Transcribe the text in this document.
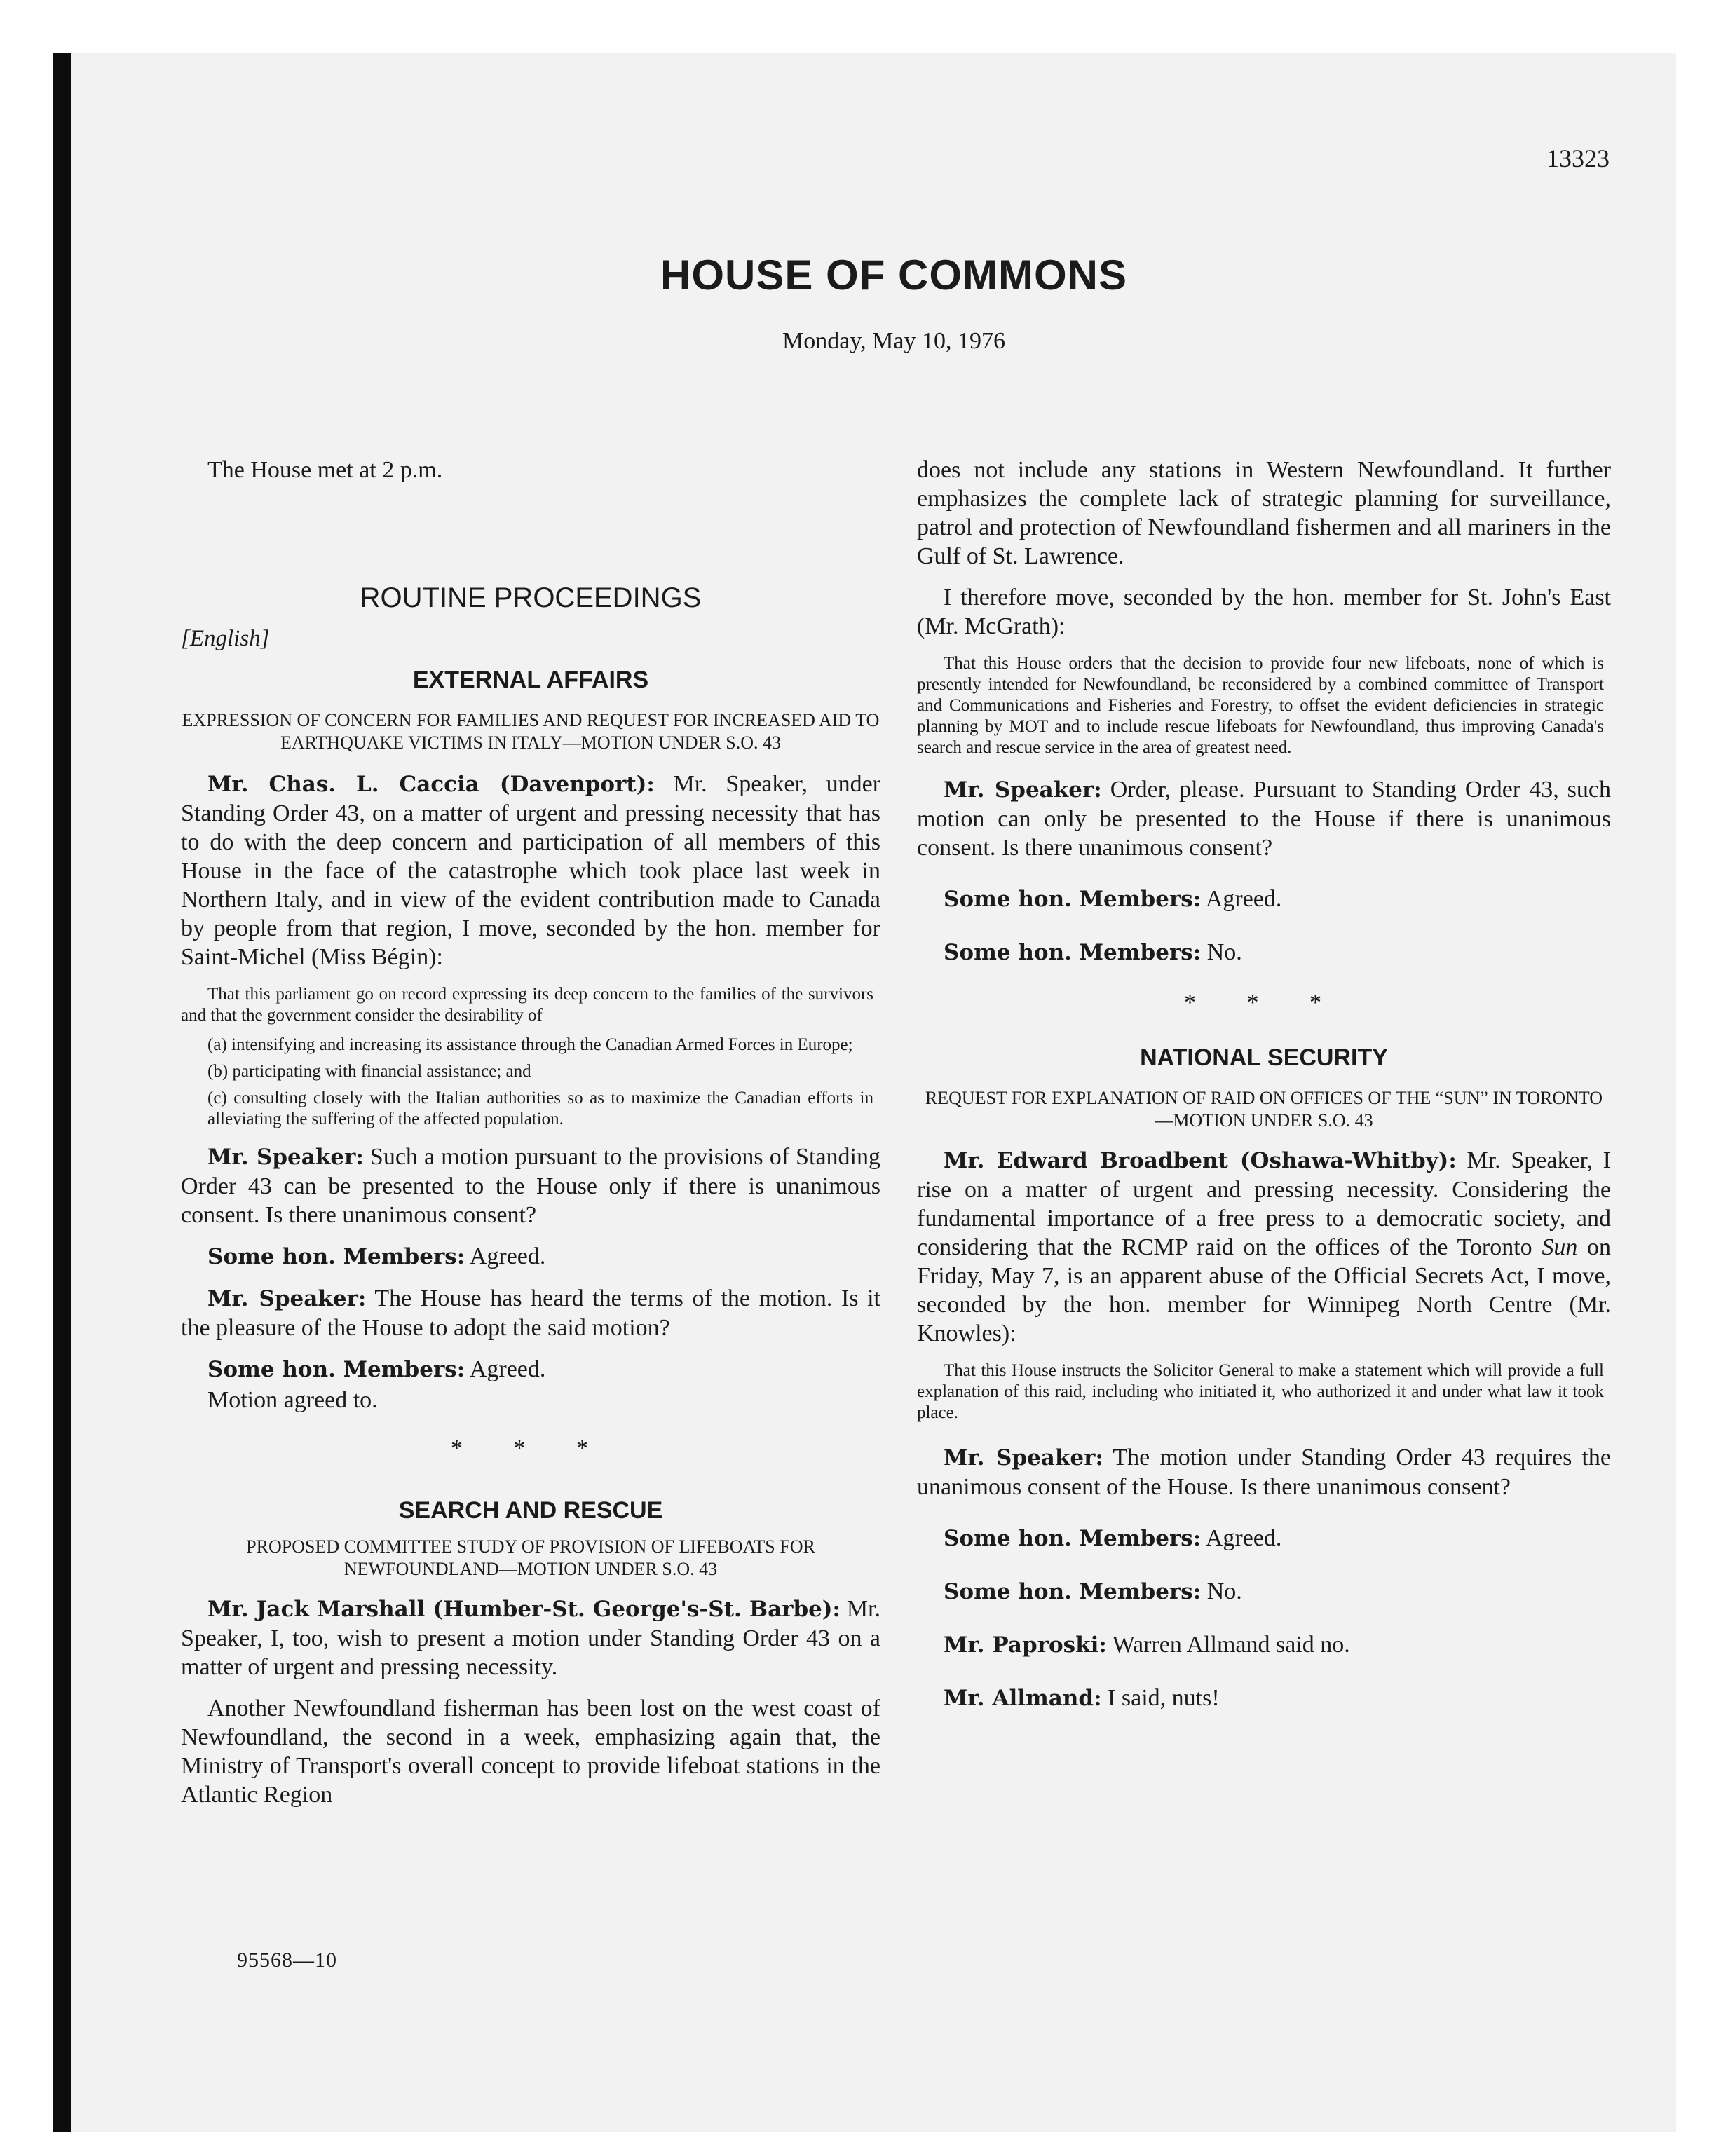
13323
HOUSE OF COMMONS
Monday, May 10, 1976

The House met at 2 p.m.

ROUTINE PROCEEDINGS

[English]

EXTERNAL AFFAIRS

EXPRESSION OF CONCERN FOR FAMILIES AND REQUEST FOR INCREASED AID TO EARTHQUAKE VICTIMS IN ITALY—MOTION UNDER S.O. 43

Mr. Chas. L. Caccia (Davenport): Mr. Speaker, under Standing Order 43, on a matter of urgent and pressing necessity that has to do with the deep concern and participation of all members of this House in the face of the catastrophe which took place last week in Northern Italy, and in view of the evident contribution made to Canada by people from that region, I move, seconded by the hon. member for Saint-Michel (Miss Bégin):

That this parliament go on record expressing its deep concern to the families of the survivors and that the government consider the desirability of

(a) intensifying and increasing its assistance through the Canadian Armed Forces in Europe;

(b) participating with financial assistance; and

(c) consulting closely with the Italian authorities so as to maximize the Canadian efforts in alleviating the suffering of the affected population.

Mr. Speaker: Such a motion pursuant to the provisions of Standing Order 43 can be presented to the House only if there is unanimous consent. Is there unanimous consent?

Some hon. Members: Agreed.

Mr. Speaker: The House has heard the terms of the motion. Is it the pleasure of the House to adopt the said motion?

Some hon. Members: Agreed.

Motion agreed to.

* * *

SEARCH AND RESCUE

PROPOSED COMMITTEE STUDY OF PROVISION OF LIFEBOATS FOR NEWFOUNDLAND—MOTION UNDER S.O. 43

Mr. Jack Marshall (Humber-St. George's-St. Barbe): Mr. Speaker, I, too, wish to present a motion under Standing Order 43 on a matter of urgent and pressing necessity.

Another Newfoundland fisherman has been lost on the west coast of Newfoundland, the second in a week, emphasizing again that, the Ministry of Transport's overall concept to provide lifeboat stations in the Atlantic Region

95568—10

does not include any stations in Western Newfoundland. It further emphasizes the complete lack of strategic planning for surveillance, patrol and protection of Newfoundland fishermen and all mariners in the Gulf of St. Lawrence.

I therefore move, seconded by the hon. member for St. John's East (Mr. McGrath):

That this House orders that the decision to provide four new lifeboats, none of which is presently intended for Newfoundland, be reconsidered by a combined committee of Transport and Communications and Fisheries and Forestry, to offset the evident deficiencies in strategic planning by MOT and to include rescue lifeboats for Newfoundland, thus improving Canada's search and rescue service in the area of greatest need.

Mr. Speaker: Order, please. Pursuant to Standing Order 43, such motion can only be presented to the House if there is unanimous consent. Is there unanimous consent?

Some hon. Members: Agreed.

Some hon. Members: No.

* * *

NATIONAL SECURITY

REQUEST FOR EXPLANATION OF RAID ON OFFICES OF THE “SUN” IN TORONTO—MOTION UNDER S.O. 43

Mr. Edward Broadbent (Oshawa-Whitby): Mr. Speaker, I rise on a matter of urgent and pressing necessity. Considering the fundamental importance of a free press to a democratic society, and considering that the RCMP raid on the offices of the Toronto Sun on Friday, May 7, is an apparent abuse of the Official Secrets Act, I move, seconded by the hon. member for Winnipeg North Centre (Mr. Knowles):

That this House instructs the Solicitor General to make a statement which will provide a full explanation of this raid, including who initiated it, who authorized it and under what law it took place.

Mr. Speaker: The motion under Standing Order 43 requires the unanimous consent of the House. Is there unanimous consent?

Some hon. Members: Agreed.

Some hon. Members: No.

Mr. Paproski: Warren Allmand said no.

Mr. Allmand: I said, nuts!
